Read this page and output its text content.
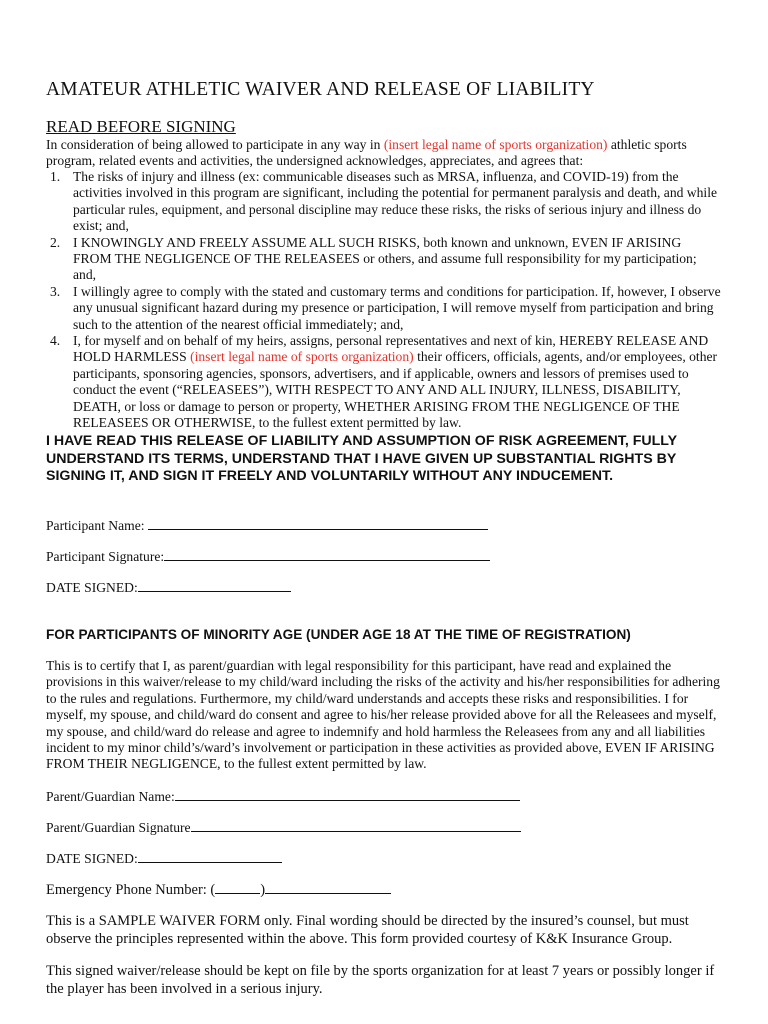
AMATEUR ATHLETIC WAIVER AND RELEASE OF LIABILITY
READ BEFORE SIGNING
In consideration of being allowed to participate in any way in (insert legal name of sports organization) athletic sports program, related events and activities, the undersigned acknowledges, appreciates, and agrees that:
1. The risks of injury and illness (ex: communicable diseases such as MRSA, influenza, and COVID-19) from the activities involved in this program are significant, including the potential for permanent paralysis and death, and while particular rules, equipment, and personal discipline may reduce these risks, the risks of serious injury and illness do exist; and,
2. I KNOWINGLY AND FREELY ASSUME ALL SUCH RISKS, both known and unknown, EVEN IF ARISING FROM THE NEGLIGENCE OF THE RELEASEES or others, and assume full responsibility for my participation; and,
3. I willingly agree to comply with the stated and customary terms and conditions for participation. If, however, I observe any unusual significant hazard during my presence or participation, I will remove myself from participation and bring such to the attention of the nearest official immediately; and,
4. I, for myself and on behalf of my heirs, assigns, personal representatives and next of kin, HEREBY RELEASE AND HOLD HARMLESS (insert legal name of sports organization) their officers, officials, agents, and/or employees, other participants, sponsoring agencies, sponsors, advertisers, and if applicable, owners and lessors of premises used to conduct the event (“RELEASEES”), WITH RESPECT TO ANY AND ALL INJURY, ILLNESS, DISABILITY, DEATH, or loss or damage to person or property, WHETHER ARISING FROM THE NEGLIGENCE OF THE RELEASEES OR OTHERWISE, to the fullest extent permitted by law.
I HAVE READ THIS RELEASE OF LIABILITY AND ASSUMPTION OF RISK AGREEMENT, FULLY UNDERSTAND ITS TERMS, UNDERSTAND THAT I HAVE GIVEN UP SUBSTANTIAL RIGHTS BY SIGNING IT, AND SIGN IT FREELY AND VOLUNTARILY WITHOUT ANY INDUCEMENT.
Participant Name:
Participant Signature:
DATE SIGNED:
FOR PARTICIPANTS OF MINORITY AGE (UNDER AGE 18 AT THE TIME OF REGISTRATION)
This is to certify that I, as parent/guardian with legal responsibility for this participant, have read and explained the provisions in this waiver/release to my child/ward including the risks of the activity and his/her responsibilities for adhering to the rules and regulations. Furthermore, my child/ward understands and accepts these risks and responsibilities. I for myself, my spouse, and child/ward do consent and agree to his/her release provided above for all the Releasees and myself, my spouse, and child/ward do release and agree to indemnify and hold harmless the Releasees from any and all liabilities incident to my minor child’s/ward’s involvement or participation in these activities as provided above, EVEN IF ARISING FROM THEIR NEGLIGENCE, to the fullest extent permitted by law.
Parent/Guardian Name:
Parent/Guardian Signature
DATE SIGNED:
Emergency Phone Number: (	)
This is a SAMPLE WAIVER FORM only. Final wording should be directed by the insured’s counsel, but must observe the principles represented within the above. This form provided courtesy of K&K Insurance Group.
This signed waiver/release should be kept on file by the sports organization for at least 7 years or possibly longer if the player has been involved in a serious injury.
